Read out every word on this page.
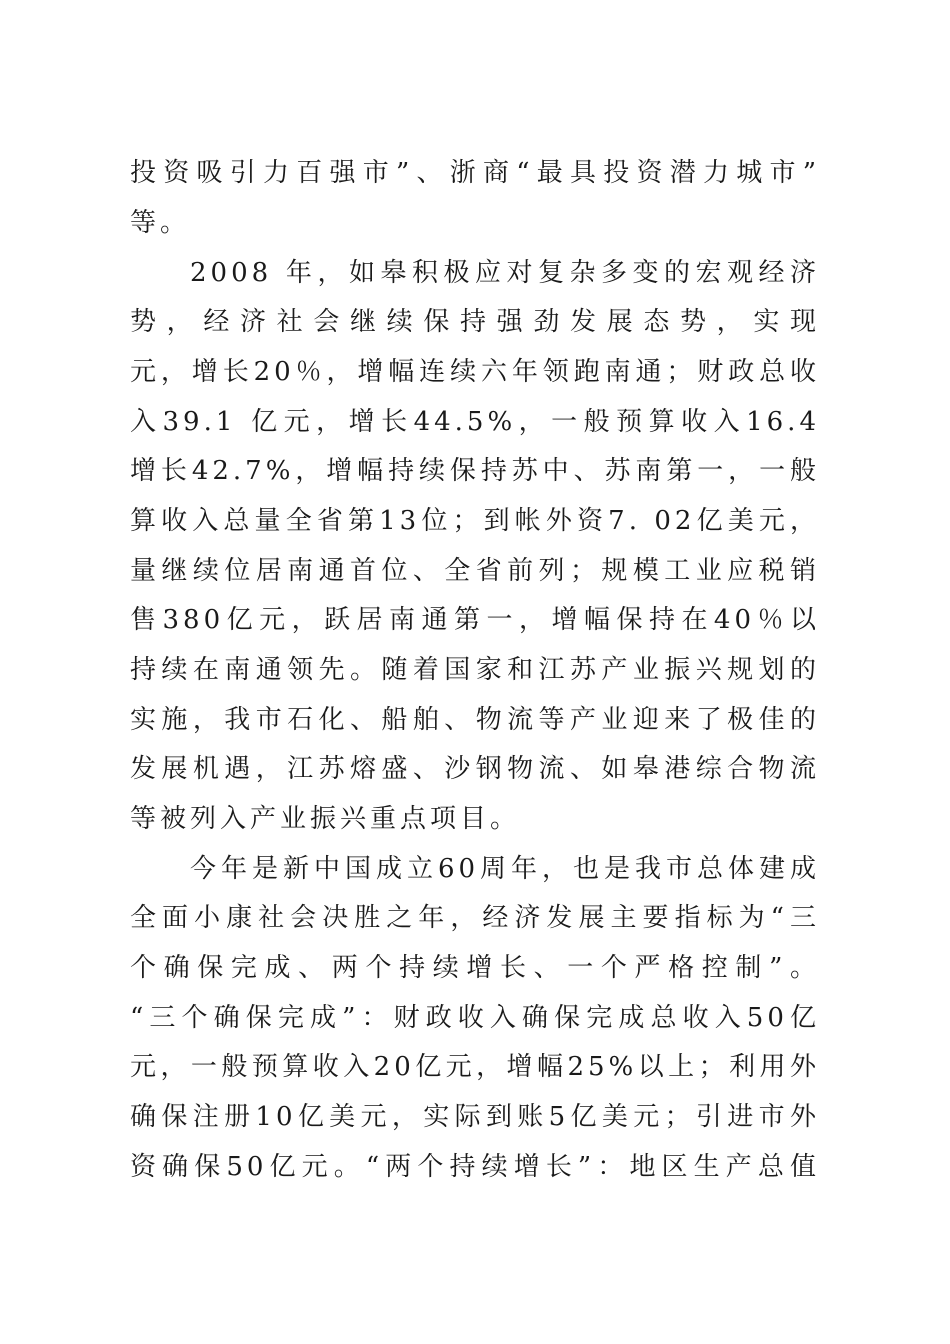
投资吸引力百强市”、浙商“最具投资潜力城市”
等。
2008 年，如皋积极应对复杂多变的宏观经济
势，经济社会继续保持强劲发展态势，实现
元，增长20％，增幅连续六年领跑南通；财政总收
入39.1 亿元，增长44.5%，一般预算收入16.4
增长42.7%，增幅持续保持苏中、苏南第一，一般
算收入总量全省第13位；到帐外资7. 02亿美元，
量继续位居南通首位、全省前列；规模工业应税销
售380亿元，跃居南通第一，增幅保持在40％以
持续在南通领先。随着国家和江苏产业振兴规划的
实施，我市石化、船舶、物流等产业迎来了极佳的
发展机遇，江苏熔盛、沙钢物流、如皋港综合物流
等被列入产业振兴重点项目。
今年是新中国成立60周年，也是我市总体建成
全面小康社会决胜之年，经济发展主要指标为“三
个确保完成、两个持续增长、一个严格控制”。
“三个确保完成”：财政收入确保完成总收入50亿
元，一般预算收入20亿元，增幅25%以上；利用外
确保注册10亿美元，实际到账5亿美元；引进市外
资确保50亿元。“两个持续增长”：地区生产总值
